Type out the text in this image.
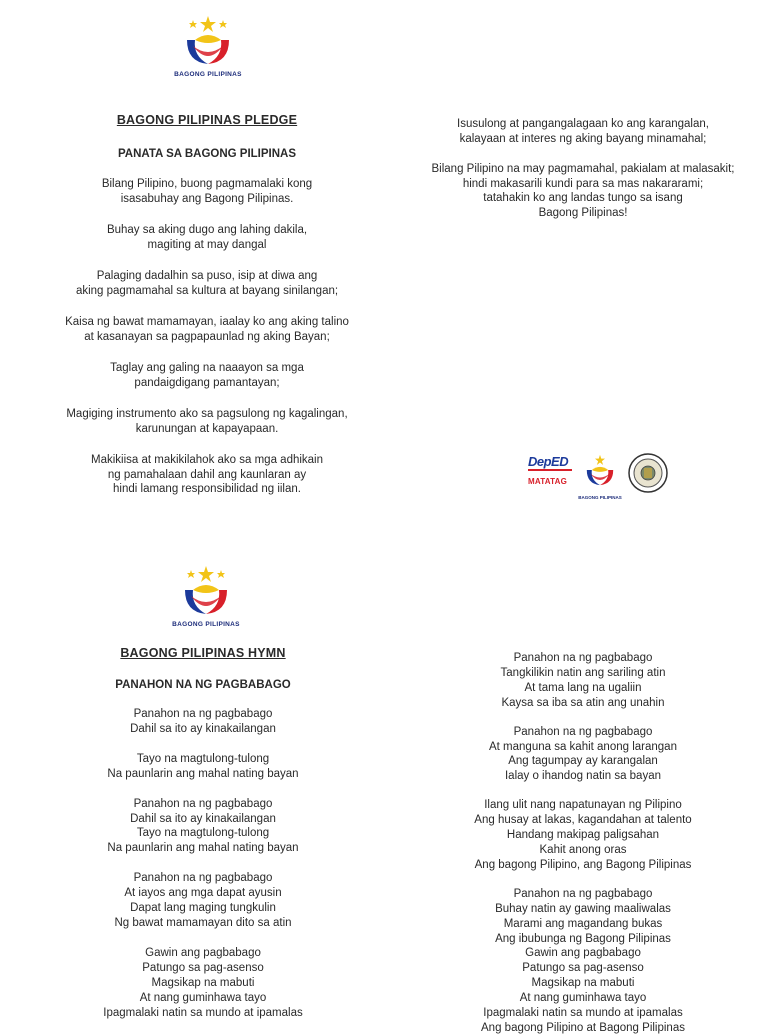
BAGONG PILIPINAS
BAGONG PILIPINAS PLEDGE
PANATA SA BAGONG PILIPINAS

Bilang Pilipino, buong pagmamalaki kong

isasabuhay ang Bagong Pilipinas.

Buhay sa aking dugo ang lahing dakila,

magiting at may dangal

Palaging dadalhin sa puso, isip at diwa ang

aking pagmamahal sa kultura at bayang sinilangan;

Kaisa ng bawat mamamayan, iaalay ko ang aking talino

at kasanayan sa pagpapaunlad ng aking Bayan;

Taglay ang galing na naaayon sa mga

pandaigdigang pamantayan;

Magiging instrumento ako sa pagsulong ng kagalingan,

karunungan at kapayapaan.

Makikiisa at makikilahok ako sa mga adhikain

ng pamahalaan dahil ang kaunlaran ay

hindi lamang responsibilidad ng iilan.

Isusulong at pangangalagaan ko ang karangalan,

kalayaan at interes ng aking bayang minamahal;

Bilang Pilipino na may pagmamahal, pakialam at malasakit;

hindi makasarili kundi para sa mas nakararami;

tatahakin ko ang landas tungo sa isang

Bagong Pilipinas!

DepED
MATATAG
BAGONG PILIPINAS
BAGONG PILIPINAS
BAGONG PILIPINAS HYMN
PANAHON NA NG PAGBABAGO

Panahon na ng pagbabago

Dahil sa ito ay kinakailangan

Tayo na magtulong-tulong

Na paunlarin ang mahal nating bayan

Panahon na ng pagbabago

Dahil sa ito ay kinakailangan

Tayo na magtulong-tulong

Na paunlarin ang mahal nating bayan

Panahon na ng pagbabago

At iayos ang mga dapat ayusin

Dapat lang maging tungkulin

Ng bawat mamamayan dito sa atin

Gawin ang pagbabago

Patungo sa pag-asenso

Magsikap na mabuti

At nang guminhawa tayo

Ipagmalaki natin sa mundo at ipamalas

Panahon na ng pagbabago

Tangkilikin natin ang sariling atin

At tama lang na ugaliin

Kaysa sa iba sa atin ang unahin

Panahon na ng pagbabago

At manguna sa kahit anong larangan

Ang tagumpay ay karangalan

Ialay o ihandog natin sa bayan

Ilang ulit nang napatunayan ng Pilipino

Ang husay at lakas, kagandahan at talento

Handang makipag paligsahan

Kahit anong oras

Ang bagong Pilipino, ang Bagong Pilipinas

Panahon na ng pagbabago

Buhay natin ay gawing maaliwalas

Marami ang magandang bukas

Ang ibubunga ng Bagong Pilipinas

Gawin ang pagbabago

Patungo sa pag-asenso

Magsikap na mabuti

At nang guminhawa tayo

Ipagmalaki natin sa mundo at ipamalas

Ang bagong Pilipino at Bagong Pilipinas
